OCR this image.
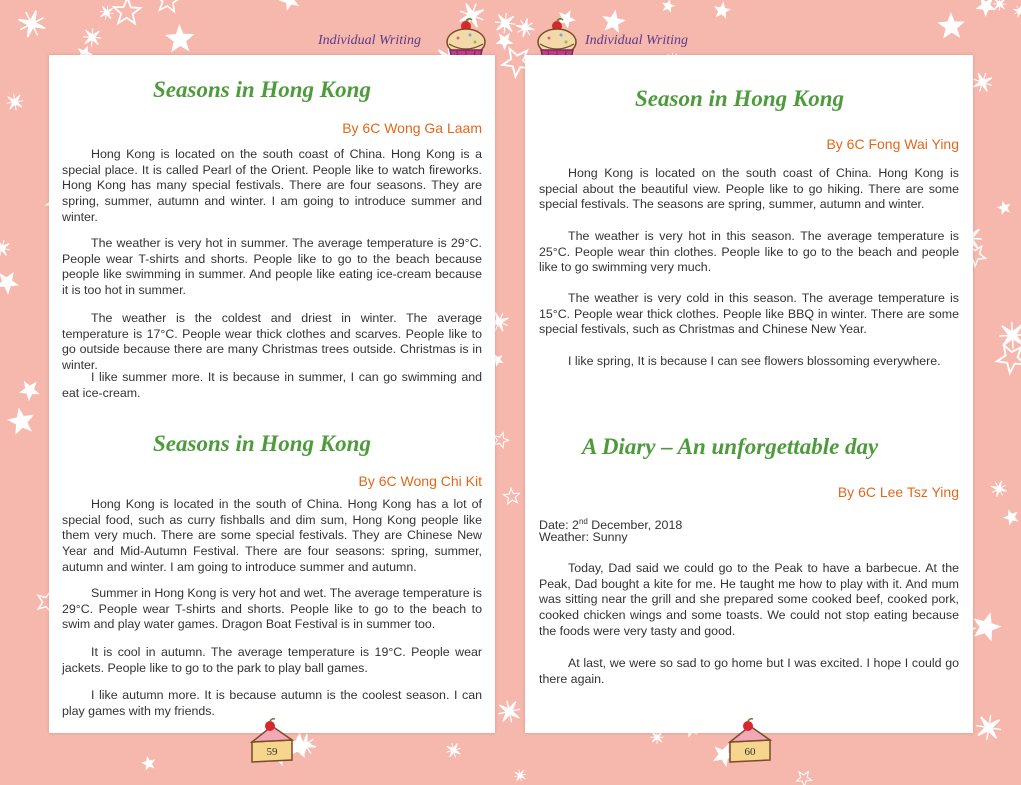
Individual Writing	Individual Writing
Seasons in Hong Kong
By 6C Wong Ga Laam

Hong Kong is located on the south coast of China. Hong Kong is a special place. It is called Pearl of the Orient. People like to watch fireworks. Hong Kong has many special festivals. There are four seasons. They are spring, summer, autumn and winter. I am going to introduce summer and winter.

The weather is very hot in summer. The average temperature is 29°C. People wear T-shirts and shorts. People like to go to the beach because people like swimming in summer. And people like eating ice-cream because it is too hot in summer.

The weather is the coldest and driest in winter. The average temperature is 17°C. People wear thick clothes and scarves. People like to go outside because there are many Christmas trees outside. Christmas is in winter.

I like summer more. It is because in summer, I can go swimming and eat ice-cream.

Seasons in Hong Kong
By 6C Wong Chi Kit

Hong Kong is located in the south of China. Hong Kong has a lot of special food, such as curry fishballs and dim sum, Hong Kong people like them very much. There are some special festivals. They are Chinese New Year and Mid-Autumn Festival. There are four seasons: spring, summer, autumn and winter. I am going to introduce summer and autumn.

Summer in Hong Kong is very hot and wet. The average temperature is 29°C. People wear T-shirts and shorts. People like to go to the beach to swim and play water games. Dragon Boat Festival is in summer too.

It is cool in autumn. The average temperature is 19°C. People wear jackets. People like to go to the park to play ball games.

I like autumn more. It is because autumn is the coolest season. I can play games with my friends.

Season in Hong Kong
By 6C Fong Wai Ying

Hong Kong is located on the south coast of China. Hong Kong is special about the beautiful view. People like to go hiking. There are some special festivals. The seasons are spring, summer, autumn and winter.

The weather is very hot in this season. The average temperature is 25°C. People wear thin clothes. People like to go to the beach and people like to go swimming very much.

The weather is very cold in this season. The average temperature is 15°C. People wear thick clothes. People like BBQ in winter. There are some special festivals, such as Christmas and Chinese New Year.

I like spring, It is because I can see flowers blossoming everywhere.

A Diary – An unforgettable day
By 6C Lee Tsz Ying
Date: 2nd December, 2018
Weather: Sunny

Today, Dad said we could go to the Peak to have a barbecue. At the Peak, Dad bought a kite for me. He taught me how to play with it. And mum was sitting near the grill and she prepared some cooked beef, cooked pork, cooked chicken wings and some toasts. We could not stop eating because the foods were very tasty and good.

At last, we were so sad to go home but I was excited. I hope I could go there again.

59	60
